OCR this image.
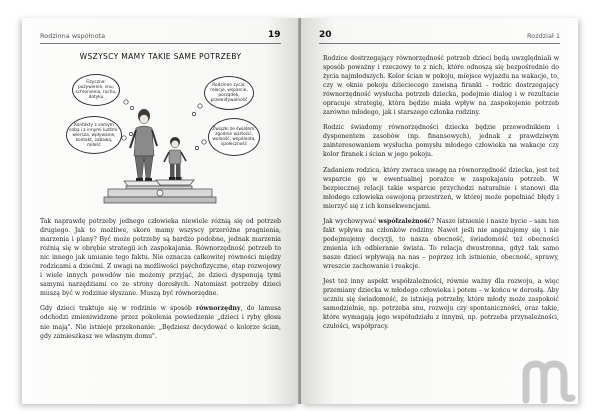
Rodzinna współnota	19
WSZYSCY MAMY TAKIE SAME POTRZEBY
Fizyczne: pożywienie, snu, schronienia, ruchu, dotyku
Kontakty z samym sobą i z innymi ludźmi: wiersza, wpływanie, kontakt, zabawą, miłość
Rodzinne życia: relacje, wsparcie, porządek, przewidywalność
Związki ze światem: zgodnie wartości, wolność, wspólnota, społeczność

Tak naprawdę potrzeby jednego człowieka niewiele różnią się od potrzeb drugiego. Jak to możliwe, skoro mamy wszyscy przeróżne pragnienia, marzenia i plany? Być może potrzeby są bardzo podobne, jednak marzenia różnią się w obrębie strategii ich zaspokajania. Równorzędność potrzeb to nic innego jak umianie tego faktu. Nie oznacza całkowitej równości między rodzicami a dziećmi. Z uwagi na możliwości psychofizyczne, etap rozwojowy i wiele innych powodów nie możemy przyjąć, że dzieci dysponują tymi samymi narzędziami co ze strony dorosłych. Natomiast potrzeby dzieci muszą być w rodzinie słyszane. Muszą być równorzędne.

Gdy dzieci traktuje się w rodzinie w sposób równorzędny, do lamusa odchodzi zmieniwidzone przez pokolenia powiedzenie „dzieci i ryby głosu nie mają". Nie istnieje przekonanie: „Będziesz decydować o kolorze ścian, gdy zamieszkasz we własnym domu".

20	Rozdział 1

Rodzice dostrzegający równorzędność potrzeb dzieci będą uwzględniali w sposób poważny i rzeczowy te z nich, które odnoszą się bezpośrednio do życia najmłodszych. Kolor ścian w pokoju, miejsce wyjazdu na wakacje, to, czy w oknie pokoju dzieciecego zawisną firanki – rodzic dostrzegający równorzędność wysłucha potrzeb dziecka, podejmie dialog i w rezultacie opracuje strategię, która będzie miała wpływ na zaspokojenie potrzeb zarówno młodego, jak i starszego członka rodziny.

Rodzic świadomy równorzędności dziecka będzie przewodnikiem i dysponentem zasobów (np. finansowych), jednak z prawdziwym zainteresowaniem wysłucha pomysłu młodego człowieka na wakacje czy kolor firanek i ścian w jego pokoju.

Zadaniem rodzica, który zwraca uwagę na równorzędność dziecka, jest też wsparcie go w ewentualnej porażce w zaspokajaniu potrzeb. W bezpiecznej relacji takie wsparcie przychodzi naturalnie i stanowi dla młodego człowieka oswojoną przestrzeń, w której może popełniać błędy i mierzyć się z ich konsekwencjami.

Jak wychowywać współzależność? Nasze istnienie i nasze bycie – sam ten fakt wpływa na członków rodziny. Nawet jeśli nie angażujemy się i nie podejmujemy decyzji, to nasza obecność, świadomość też obecności zmienia ich odbieranie świata. To relacja dwustronna, gdyż tak samo nasze dzieci wpływają na nas – poprzez ich istnienie, obecność, sprawy, wreszcie zachowanie i reakcje.

Jest też inny aspekt współzależności, równie ważny dla rozwoju, a więc przemiany dziecka w młodego człowieka i potem – w końcu w dorosłą. Aby uczniu się świadomość, że istnieją potrzeby, które młody może zaspokoić samodzielnie, np. potrzeba snu, rozwoju czy spontaniczności, oraz takie, które wymagają jego współudziału z innymi, np. potrzeba przynależności, czułości, współpracy.
